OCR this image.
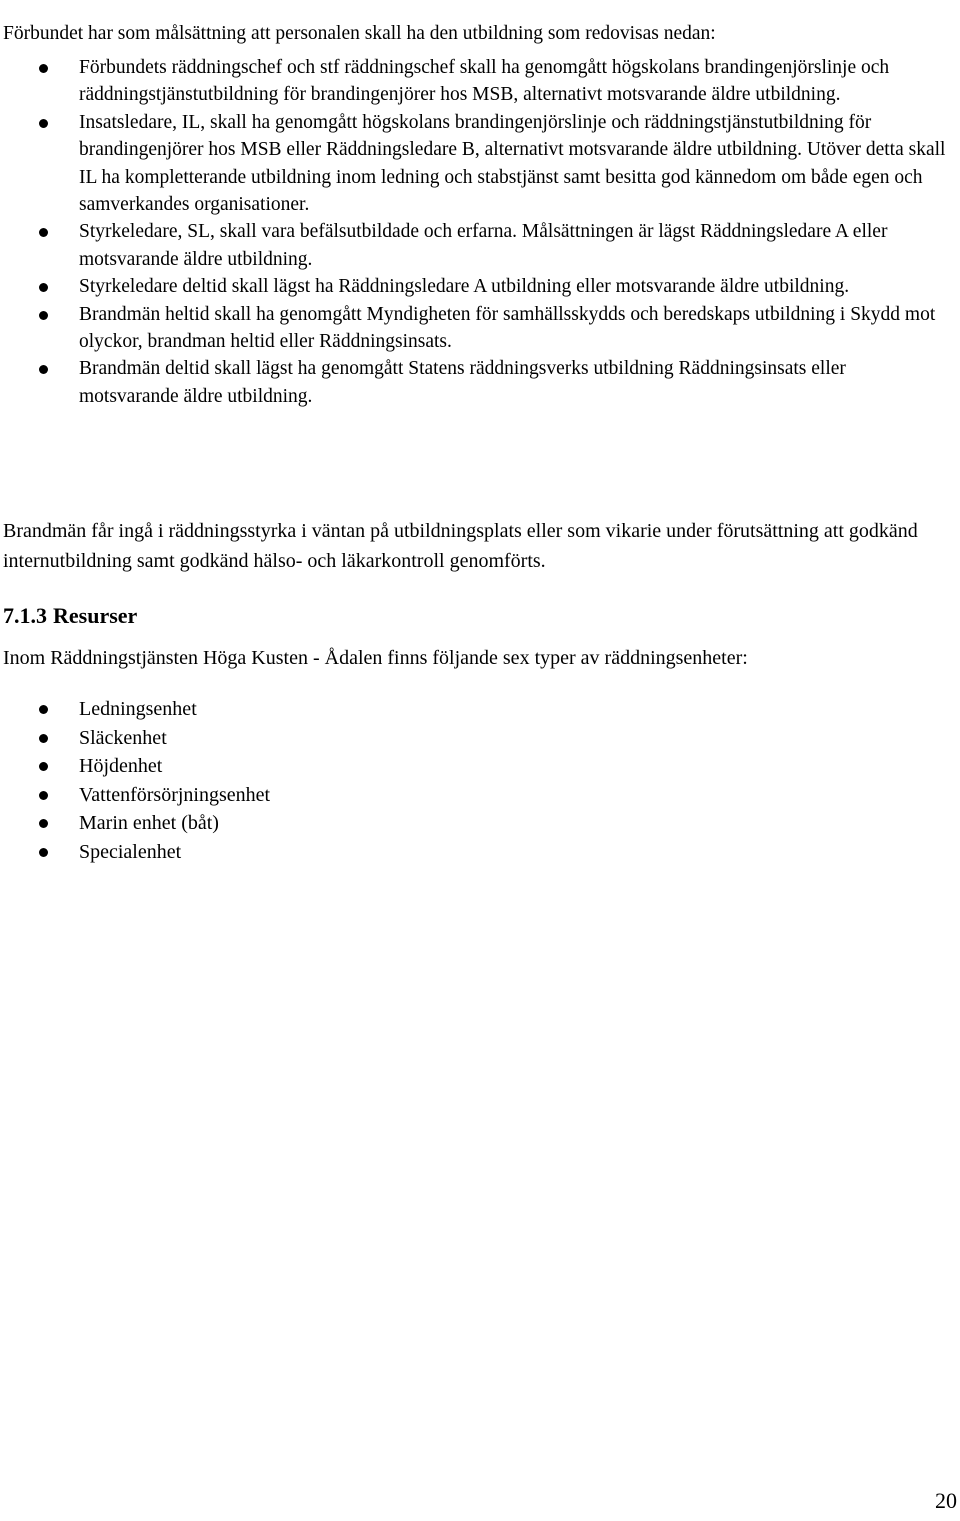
Förbundet har som målsättning att personalen skall ha den utbildning som redovisas nedan:

Förbundets räddningschef och stf räddningschef skall ha genomgått högskolans brandingenjörslinje och räddningstjänstutbildning för brandingenjörer hos MSB, alternativt motsvarande äldre utbildning.
Insatsledare, IL, skall ha genomgått högskolans brandingenjörslinje och räddningstjänstutbildning för brandingenjörer hos MSB eller Räddningsledare B, alternativt motsvarande äldre utbildning. Utöver detta skall IL ha kompletterande utbildning inom ledning och stabstjänst samt besitta god kännedom om både egen och samverkandes organisationer.
Styrkeledare, SL, skall vara befälsutbildade och erfarna. Målsättningen är lägst Räddningsledare A eller motsvarande äldre utbildning.
Styrkeledare deltid skall lägst ha Räddningsledare A utbildning eller motsvarande äldre utbildning.
Brandmän heltid skall ha genomgått Myndigheten för samhällsskydds och beredskaps utbildning i Skydd mot olyckor, brandman heltid eller Räddningsinsats.
Brandmän deltid skall lägst ha genomgått Statens räddningsverks utbildning Räddningsinsats eller motsvarande äldre utbildning.

Brandmän får ingå i räddningsstyrka i väntan på utbildningsplats eller som vikarie under förutsättning att godkänd internutbildning samt godkänd hälso- och läkarkontroll genomförts.

7.1.3 Resurser

Inom Räddningstjänsten Höga Kusten - Ådalen finns följande sex typer av räddningsenheter:

Ledningsenhet
Släckenhet
Höjdenhet
Vattenförsörjningsenhet
Marin enhet (båt)
Specialenhet
20
